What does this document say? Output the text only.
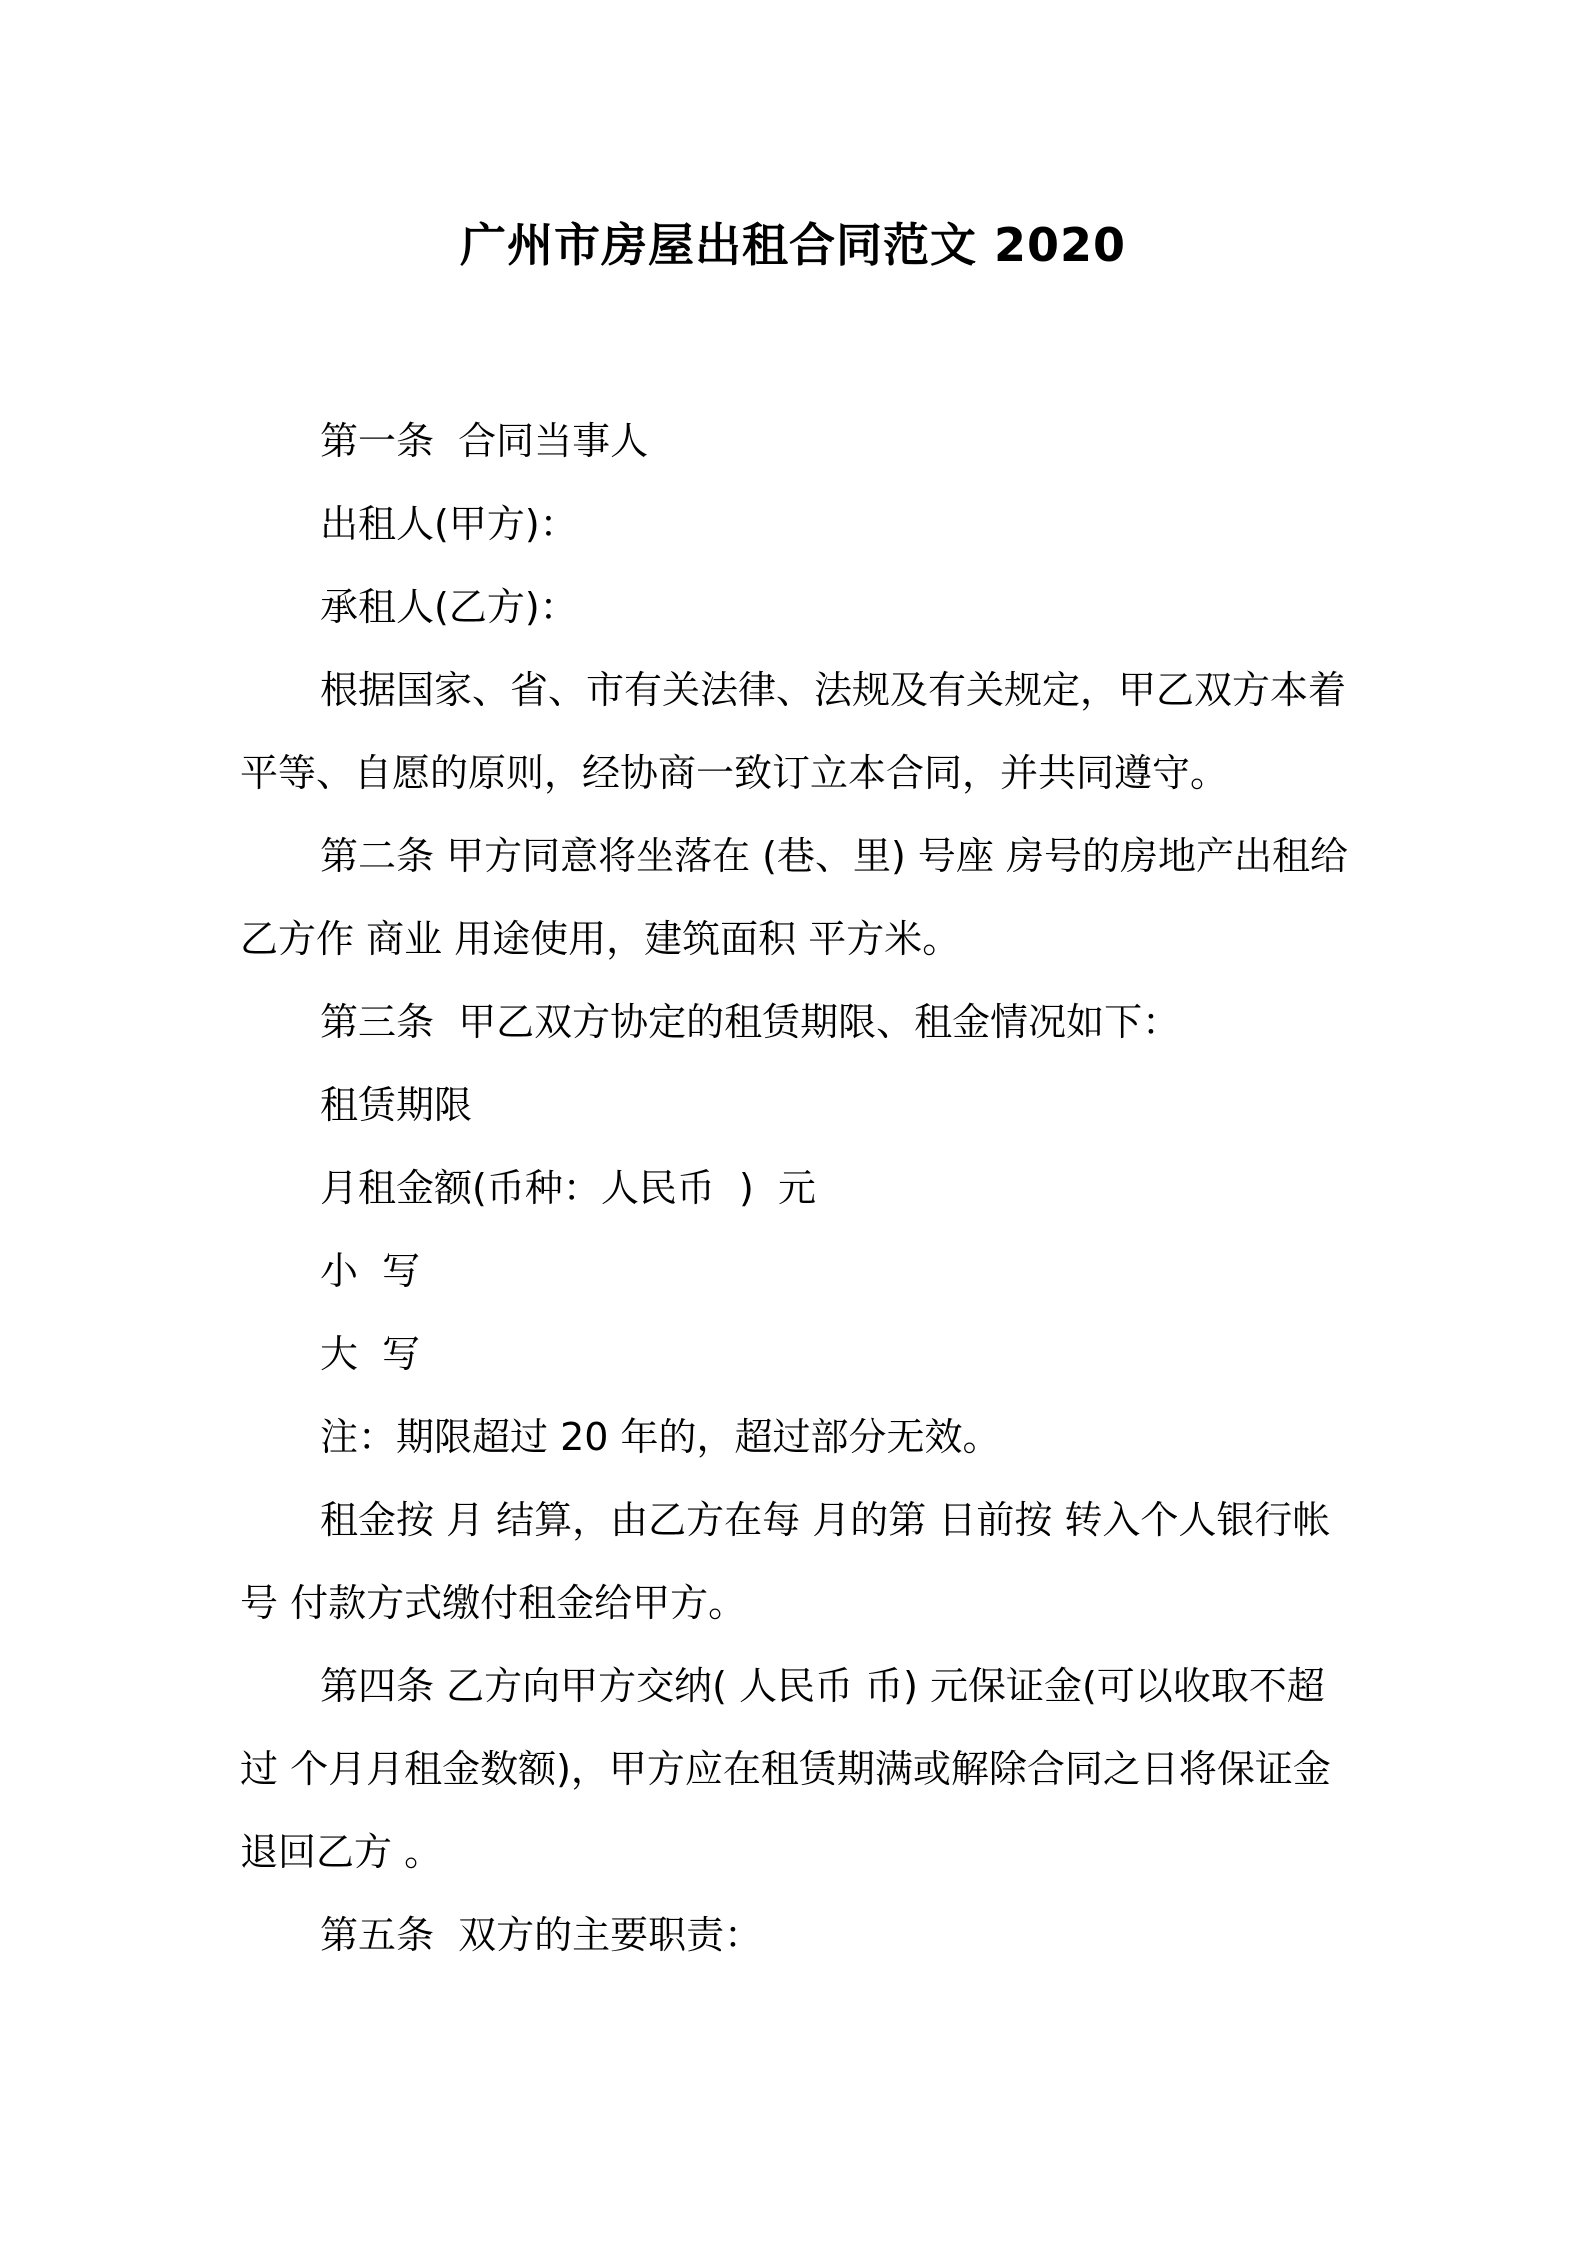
广州市房屋出租合同范文 2020

第一条  合同当事人

出租人(甲方)：

承租人(乙方)：

根据国家、省、市有关法律、法规及有关规定，甲乙双方本着平等、自愿的原则，经协商一致订立本合同，并共同遵守。

第二条 甲方同意将坐落在 (巷、里) 号座 房号的房地产出租给乙方作 商业 用途使用，建筑面积 平方米。

第三条  甲乙双方协定的租赁期限、租金情况如下：

租赁期限

月租金额(币种：人民币  )  元

小  写

大  写

注：期限超过 20 年的，超过部分无效。

租金按 月 结算，由乙方在每 月的第 日前按 转入个人银行帐号 付款方式缴付租金给甲方。

第四条 乙方向甲方交纳( 人民币 币) 元保证金(可以收取不超过 个月月租金数额)，甲方应在租赁期满或解除合同之日将保证金 退回乙方 。

第五条  双方的主要职责：
